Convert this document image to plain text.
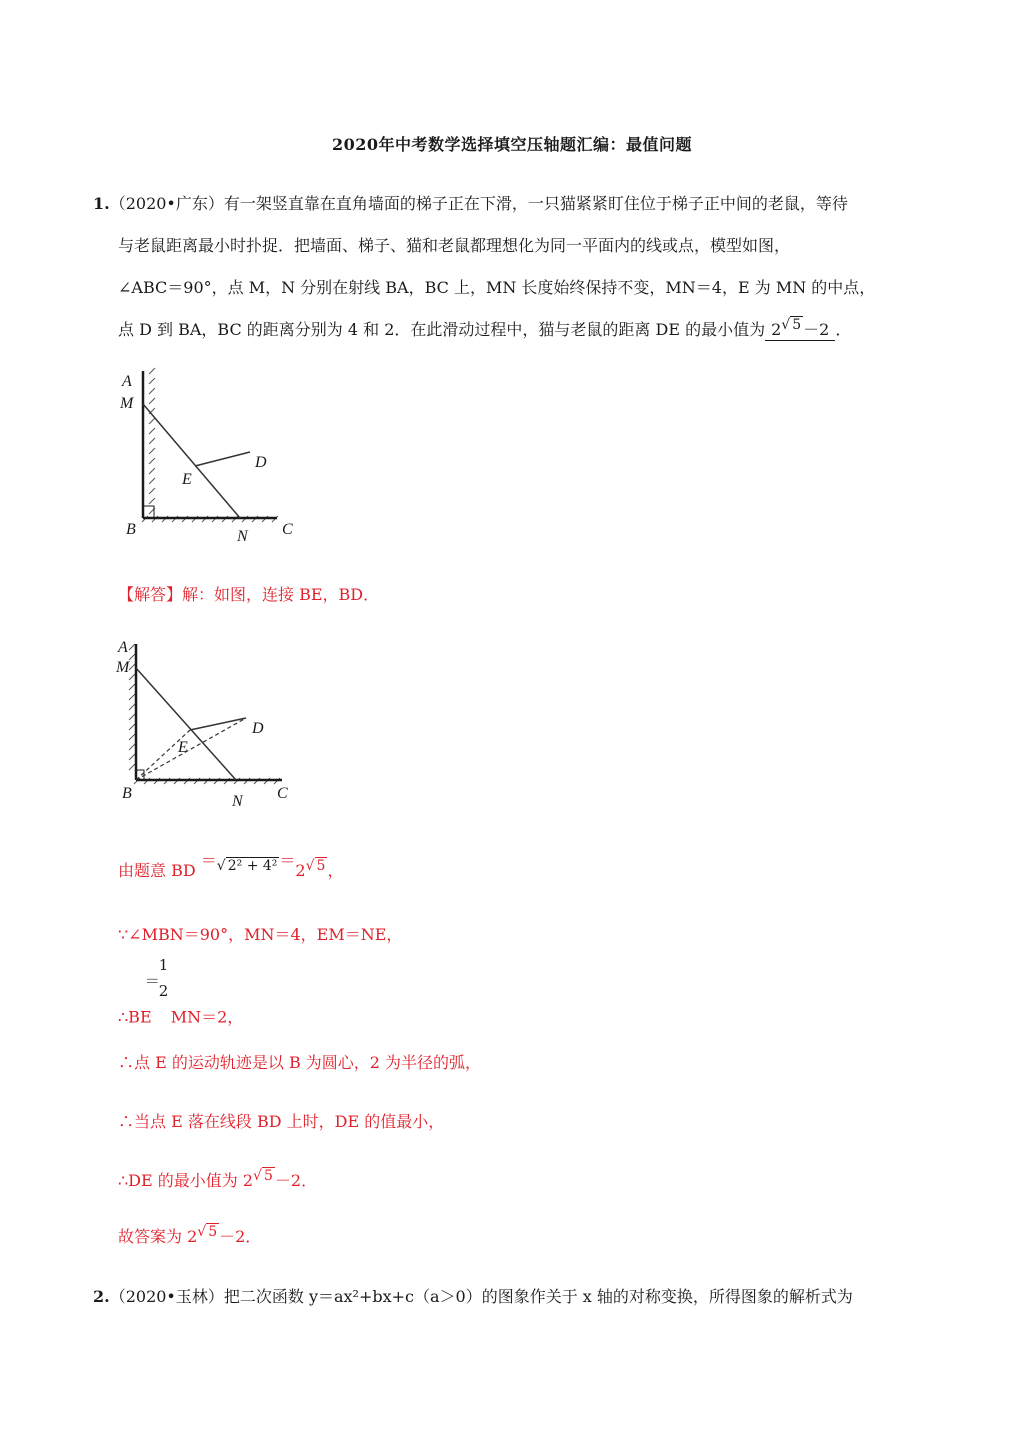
2020年中考数学选择填空压轴题汇编：最值问题
1.（2020•广东）有一架竖直靠在直角墙面的梯子正在下滑，一只猫紧紧盯住位于梯子正中间的老鼠，等待
与老鼠距离最小时扑捉．把墙面、梯子、猫和老鼠都理想化为同一平面内的线或点，模型如图，
∠ABC＝90°，点 M，N 分别在射线 BA，BC 上，MN 长度始终保持不变，MN＝4，E 为 MN 的中点，
点 D 到 BA，BC 的距离分别为 4 和 2．在此滑动过程中，猫与老鼠的距离 DE 的最小值为 2√ 5 －2 ．
A
M
E
D
B	N C
【解答】解：如图，连接 BE，BD．
A
M
E
D
B	N C
由题意 BD ＝√ 2² + 4² ＝2√ 5 ，
∵∠MBN＝90°，MN＝4，EM＝NE，
∴BE
＝
1
2
MN＝2，
∴点 E 的运动轨迹是以 B 为圆心，2 为半径的弧，
∴当点 E 落在线段 BD 上时，DE 的值最小，
∴DE 的最小值为 2√ 5 －2．
故答案为 2√ 5 －2．
2.（2020•玉林）把二次函数 y＝ax²+bx+c（a＞0）的图象作关于 x 轴的对称变换，所得图象的解析式为
